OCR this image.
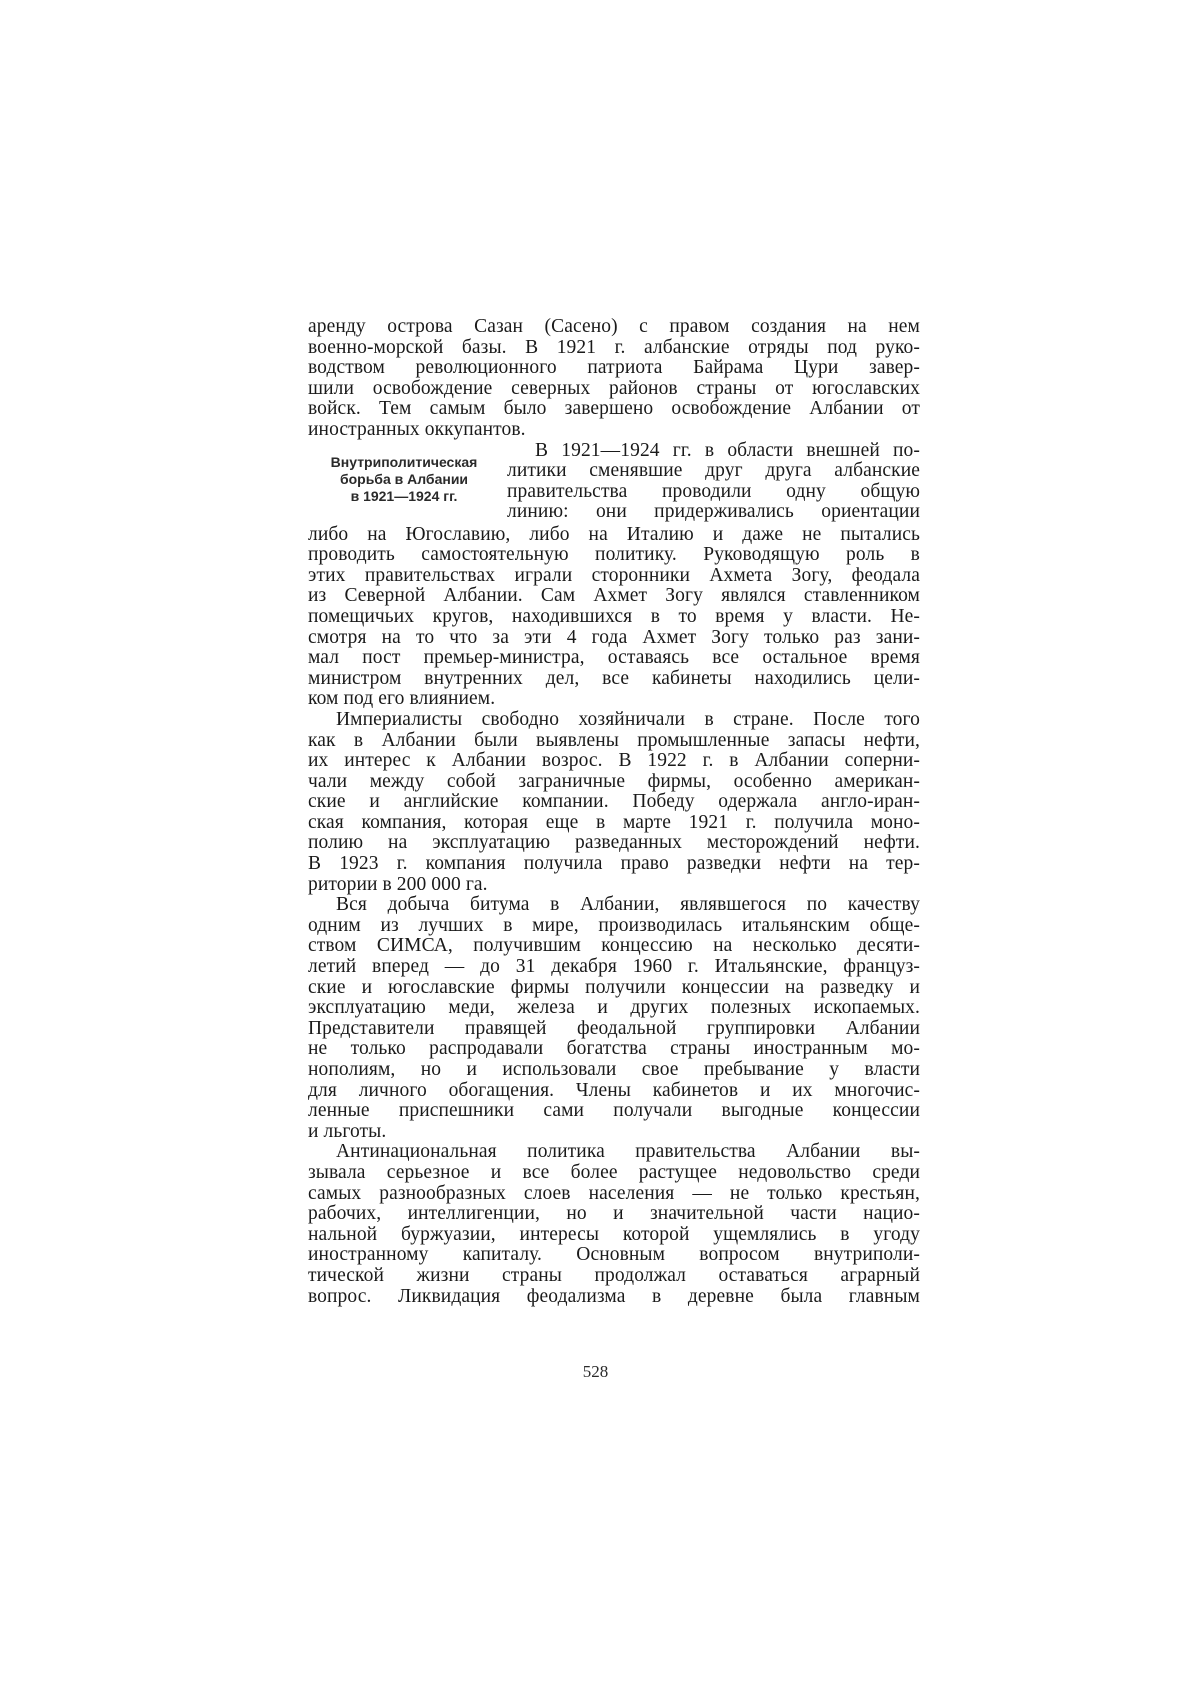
аренду острова Сазан (Сасено) с правом создания на нем
военно-морской базы. В 1921 г. албанские отряды под руко-
водством революционного патриота Байрама Цури завер-
шили освобождение северных районов страны от югославских
войск. Тем самым было завершено освобождение Албании от
иностранных оккупантов.
Внутриполитическая
борьба в Албании
в 1921—1924 гг.
В 1921—1924 гг. в области внешней по-
литики сменявшие друг друга албанские
правительства проводили одну общую
линию: они придерживались ориентации
либо на Югославию, либо на Италию и даже не пытались
проводить самостоятельную политику. Руководящую роль в
этих правительствах играли сторонники Ахмета Зогу, феодала
из Северной Албании. Сам Ахмет Зогу являлся ставленником
помещичьих кругов, находившихся в то время у власти. Не-
смотря на то что за эти 4 года Ахмет Зогу только раз зани-
мал пост премьер-министра, оставаясь все остальное время
министром внутренних дел, все кабинеты находились цели-
ком под его влиянием.
Империалисты свободно хозяйничали в стране. После того
как в Албании были выявлены промышленные запасы нефти,
их интерес к Албании возрос. В 1922 г. в Албании соперни-
чали между собой заграничные фирмы, особенно американ-
ские и английские компании. Победу одержала англо-иран-
ская компания, которая еще в марте 1921 г. получила моно-
полию на эксплуатацию разведанных месторождений нефти.
В 1923 г. компания получила право разведки нефти на тер-
ритории в 200 000 га.
Вся добыча битума в Албании, являвшегося по качеству
одним из лучших в мире, производилась итальянским обще-
ством СИМСА, получившим концессию на несколько десяти-
летий вперед — до 31 декабря 1960 г. Итальянские, француз-
ские и югославские фирмы получили концессии на разведку и
эксплуатацию меди, железа и других полезных ископаемых.
Представители правящей феодальной группировки Албании
не только распродавали богатства страны иностранным мо-
нополиям, но и использовали свое пребывание у власти
для личного обогащения. Члены кабинетов и их многочис-
ленные приспешники сами получали выгодные концессии
и льготы.
Антинациональная политика правительства Албании вы-
зывала серьезное и все более растущее недовольство среди
самых разнообразных слоев населения — не только крестьян,
рабочих, интеллигенции, но и значительной части нацио-
нальной буржуазии, интересы которой ущемлялись в угоду
иностранному капиталу. Основным вопросом внутриполи-
тической жизни страны продолжал оставаться аграрный
вопрос. Ликвидация феодализма в деревне была главным
528
